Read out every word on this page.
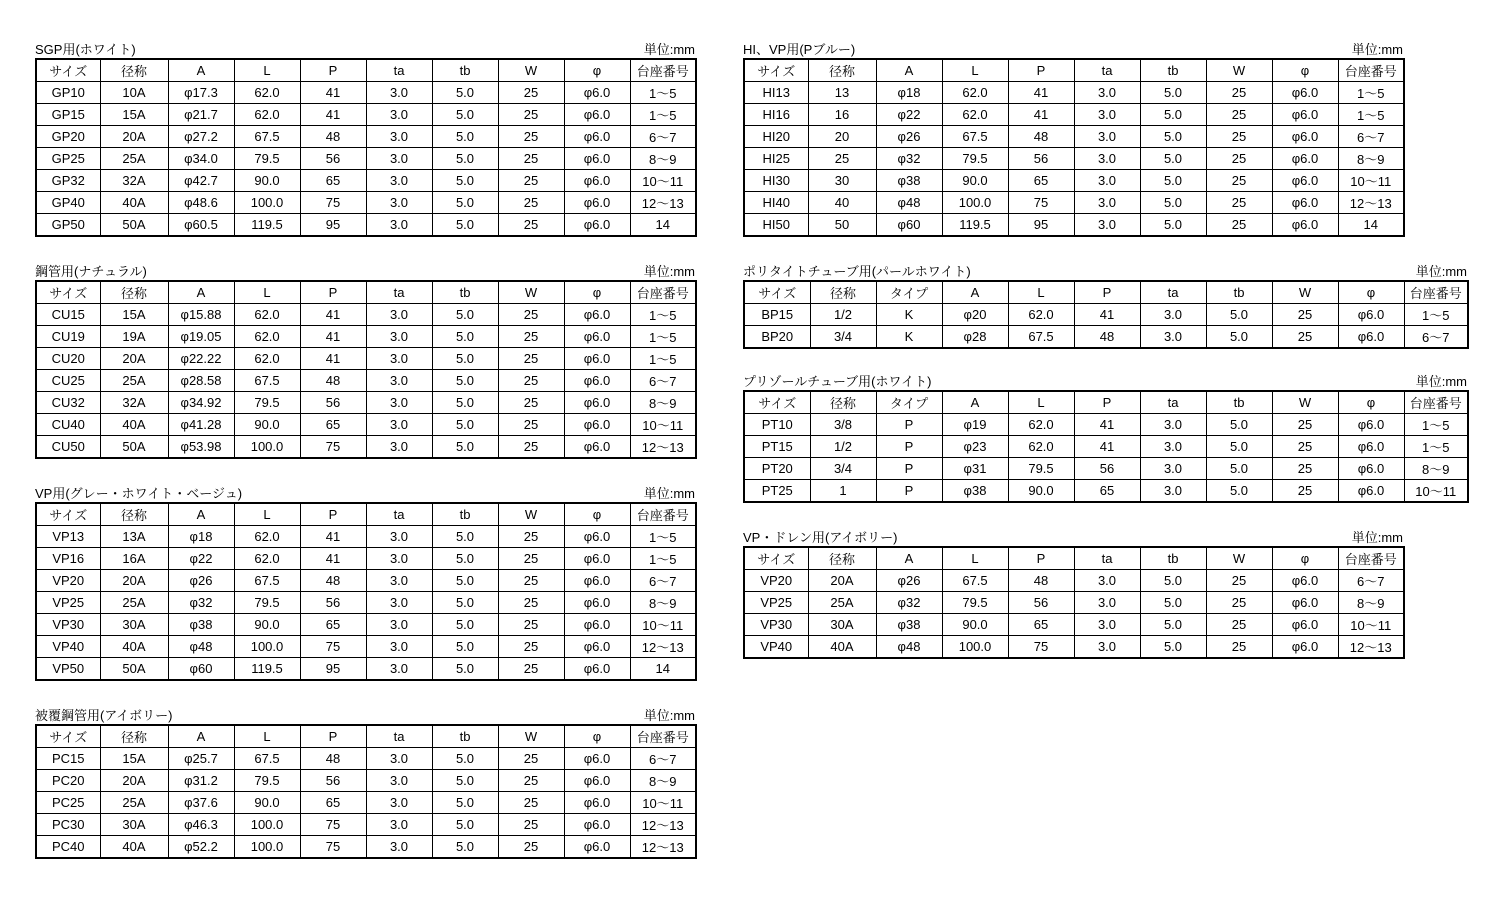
SGP用(ホワイト)	単位:mm
サイズ	径称	A	L	P	ta	tb	W	φ	台座番号
GP10	10A	φ17.3	62.0	41	3.0	5.0	25	φ6.0	1〜5
GP15	15A	φ21.7	62.0	41	3.0	5.0	25	φ6.0	1〜5
GP20	20A	φ27.2	67.5	48	3.0	5.0	25	φ6.0	6〜7
GP25	25A	φ34.0	79.5	56	3.0	5.0	25	φ6.0	8〜9
GP32	32A	φ42.7	90.0	65	3.0	5.0	25	φ6.0	10〜11
GP40	40A	φ48.6	100.0	75	3.0	5.0	25	φ6.0	12〜13
GP50	50A	φ60.5	119.5	95	3.0	5.0	25	φ6.0	14
鋼管用(ナチュラル)	単位:mm
サイズ	径称	A	L	P	ta	tb	W	φ	台座番号
CU15	15A	φ15.88	62.0	41	3.0	5.0	25	φ6.0	1〜5
CU19	19A	φ19.05	62.0	41	3.0	5.0	25	φ6.0	1〜5
CU20	20A	φ22.22	62.0	41	3.0	5.0	25	φ6.0	1〜5
CU25	25A	φ28.58	67.5	48	3.0	5.0	25	φ6.0	6〜7
CU32	32A	φ34.92	79.5	56	3.0	5.0	25	φ6.0	8〜9
CU40	40A	φ41.28	90.0	65	3.0	5.0	25	φ6.0	10〜11
CU50	50A	φ53.98	100.0	75	3.0	5.0	25	φ6.0	12〜13
VP用(グレー・ホワイト・ベージュ)	単位:mm
サイズ	径称	A	L	P	ta	tb	W	φ	台座番号
VP13	13A	φ18	62.0	41	3.0	5.0	25	φ6.0	1〜5
VP16	16A	φ22	62.0	41	3.0	5.0	25	φ6.0	1〜5
VP20	20A	φ26	67.5	48	3.0	5.0	25	φ6.0	6〜7
VP25	25A	φ32	79.5	56	3.0	5.0	25	φ6.0	8〜9
VP30	30A	φ38	90.0	65	3.0	5.0	25	φ6.0	10〜11
VP40	40A	φ48	100.0	75	3.0	5.0	25	φ6.0	12〜13
VP50	50A	φ60	119.5	95	3.0	5.0	25	φ6.0	14
被覆鋼管用(アイボリー)	単位:mm
サイズ	径称	A	L	P	ta	tb	W	φ	台座番号
PC15	15A	φ25.7	67.5	48	3.0	5.0	25	φ6.0	6〜7
PC20	20A	φ31.2	79.5	56	3.0	5.0	25	φ6.0	8〜9
PC25	25A	φ37.6	90.0	65	3.0	5.0	25	φ6.0	10〜11
PC30	30A	φ46.3	100.0	75	3.0	5.0	25	φ6.0	12〜13
PC40	40A	φ52.2	100.0	75	3.0	5.0	25	φ6.0	12〜13
HI、VP用(Pブルー)	単位:mm
サイズ	径称	A	L	P	ta	tb	W	φ	台座番号
HI13	13	φ18	62.0	41	3.0	5.0	25	φ6.0	1〜5
HI16	16	φ22	62.0	41	3.0	5.0	25	φ6.0	1〜5
HI20	20	φ26	67.5	48	3.0	5.0	25	φ6.0	6〜7
HI25	25	φ32	79.5	56	3.0	5.0	25	φ6.0	8〜9
HI30	30	φ38	90.0	65	3.0	5.0	25	φ6.0	10〜11
HI40	40	φ48	100.0	75	3.0	5.0	25	φ6.0	12〜13
HI50	50	φ60	119.5	95	3.0	5.0	25	φ6.0	14
ポリタイトチューブ用(パールホワイト)	単位:mm
サイズ	径称	タイプ	A	L	P	ta	tb	W	φ	台座番号
BP15	1/2	K	φ20	62.0	41	3.0	5.0	25	φ6.0	1〜5
BP20	3/4	K	φ28	67.5	48	3.0	5.0	25	φ6.0	6〜7
プリゾールチューブ用(ホワイト)	単位:mm
サイズ	径称	タイプ	A	L	P	ta	tb	W	φ	台座番号
PT10	3/8	P	φ19	62.0	41	3.0	5.0	25	φ6.0	1〜5
PT15	1/2	P	φ23	62.0	41	3.0	5.0	25	φ6.0	1〜5
PT20	3/4	P	φ31	79.5	56	3.0	5.0	25	φ6.0	8〜9
PT25	1	P	φ38	90.0	65	3.0	5.0	25	φ6.0	10〜11
VP・ドレン用(アイボリー)	単位:mm
サイズ	径称	A	L	P	ta	tb	W	φ	台座番号
VP20	20A	φ26	67.5	48	3.0	5.0	25	φ6.0	6〜7
VP25	25A	φ32	79.5	56	3.0	5.0	25	φ6.0	8〜9
VP30	30A	φ38	90.0	65	3.0	5.0	25	φ6.0	10〜11
VP40	40A	φ48	100.0	75	3.0	5.0	25	φ6.0	12〜13
